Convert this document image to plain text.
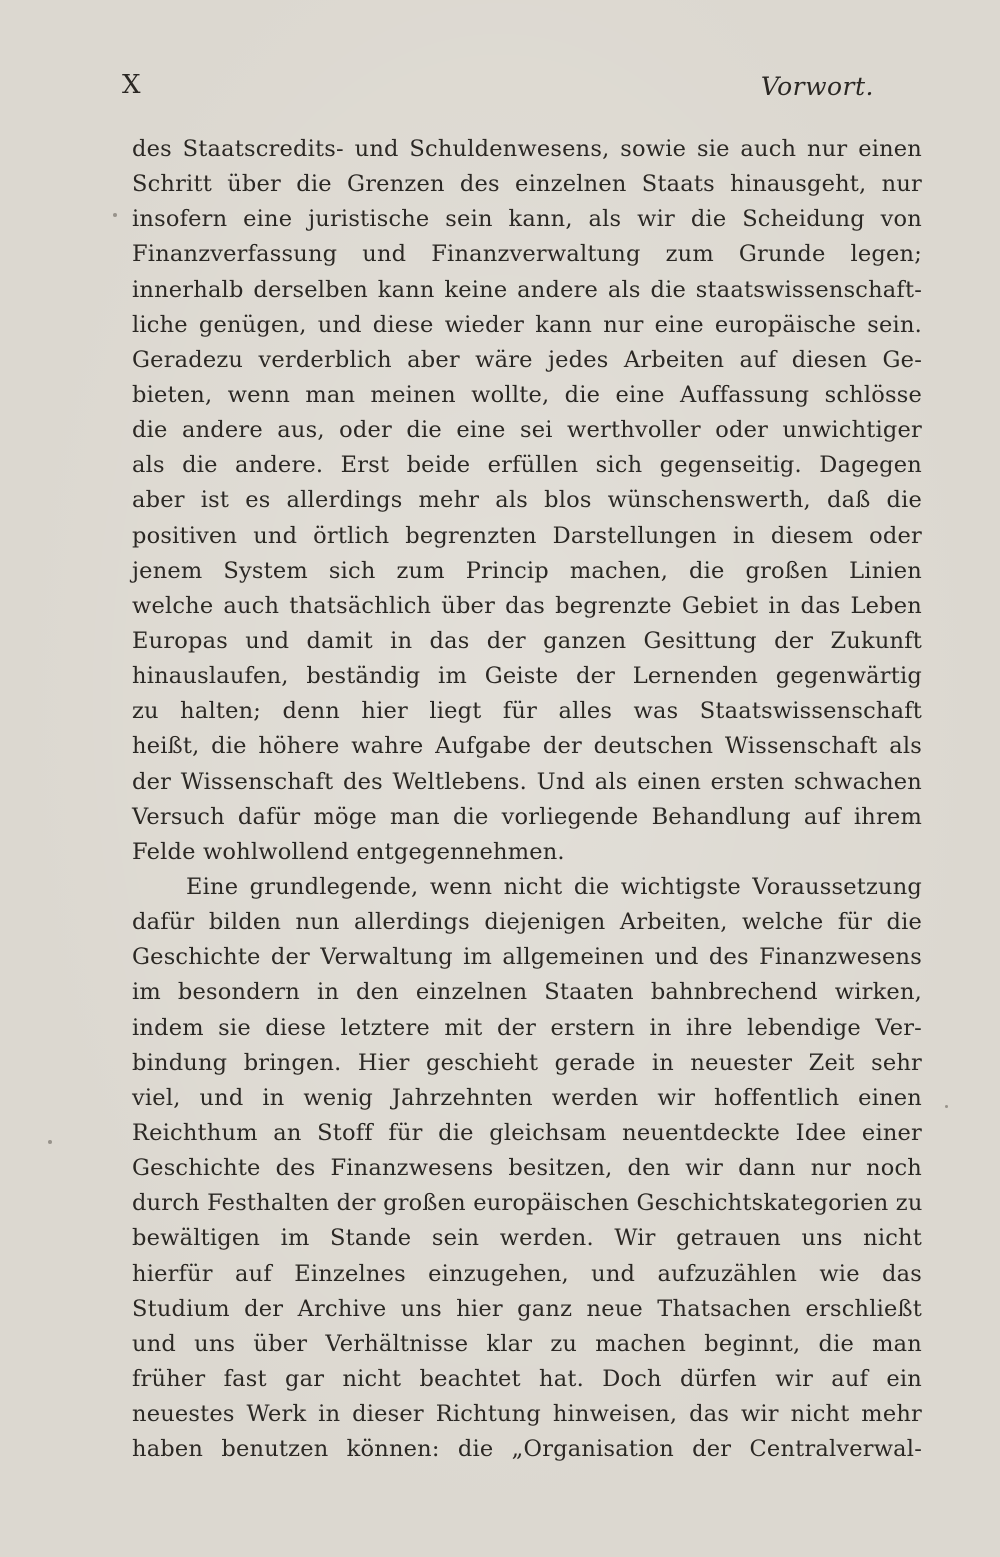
X	Vorwort.
des Staatscredits- und Schuldenwesens, sowie sie auch nur einen
Schritt über die Grenzen des einzelnen Staats hinausgeht, nur
insofern eine juristische sein kann, als wir die Scheidung von
Finanzverfassung und Finanzverwaltung zum Grunde legen;
innerhalb derselben kann keine andere als die staatswissenschaft-
liche genügen, und diese wieder kann nur eine europäische sein.
Geradezu verderblich aber wäre jedes Arbeiten auf diesen Ge-
bieten, wenn man meinen wollte, die eine Auffassung schlösse
die andere aus, oder die eine sei werthvoller oder unwichtiger
als die andere. Erst beide erfüllen sich gegenseitig. Dagegen
aber ist es allerdings mehr als blos wünschenswerth, daß die
positiven und örtlich begrenzten Darstellungen in diesem oder
jenem System sich zum Princip machen, die großen Linien
welche auch thatsächlich über das begrenzte Gebiet in das Leben
Europas und damit in das der ganzen Gesittung der Zukunft
hinauslaufen, beständig im Geiste der Lernenden gegenwärtig
zu halten; denn hier liegt für alles was Staatswissenschaft
heißt, die höhere wahre Aufgabe der deutschen Wissenschaft als
der Wissenschaft des Weltlebens. Und als einen ersten schwachen
Versuch dafür möge man die vorliegende Behandlung auf ihrem
Felde wohlwollend entgegennehmen.
Eine grundlegende, wenn nicht die wichtigste Voraussetzung
dafür bilden nun allerdings diejenigen Arbeiten, welche für die
Geschichte der Verwaltung im allgemeinen und des Finanzwesens
im besondern in den einzelnen Staaten bahnbrechend wirken,
indem sie diese letztere mit der erstern in ihre lebendige Ver-
bindung bringen. Hier geschieht gerade in neuester Zeit sehr
viel, und in wenig Jahrzehnten werden wir hoffentlich einen
Reichthum an Stoff für die gleichsam neuentdeckte Idee einer
Geschichte des Finanzwesens besitzen, den wir dann nur noch
durch Festhalten der großen europäischen Geschichtskategorien zu
bewältigen im Stande sein werden. Wir getrauen uns nicht
hierfür auf Einzelnes einzugehen, und aufzuzählen wie das
Studium der Archive uns hier ganz neue Thatsachen erschließt
und uns über Verhältnisse klar zu machen beginnt, die man
früher fast gar nicht beachtet hat. Doch dürfen wir auf ein
neuestes Werk in dieser Richtung hinweisen, das wir nicht mehr
haben benutzen können: die „Organisation der Centralverwal-
